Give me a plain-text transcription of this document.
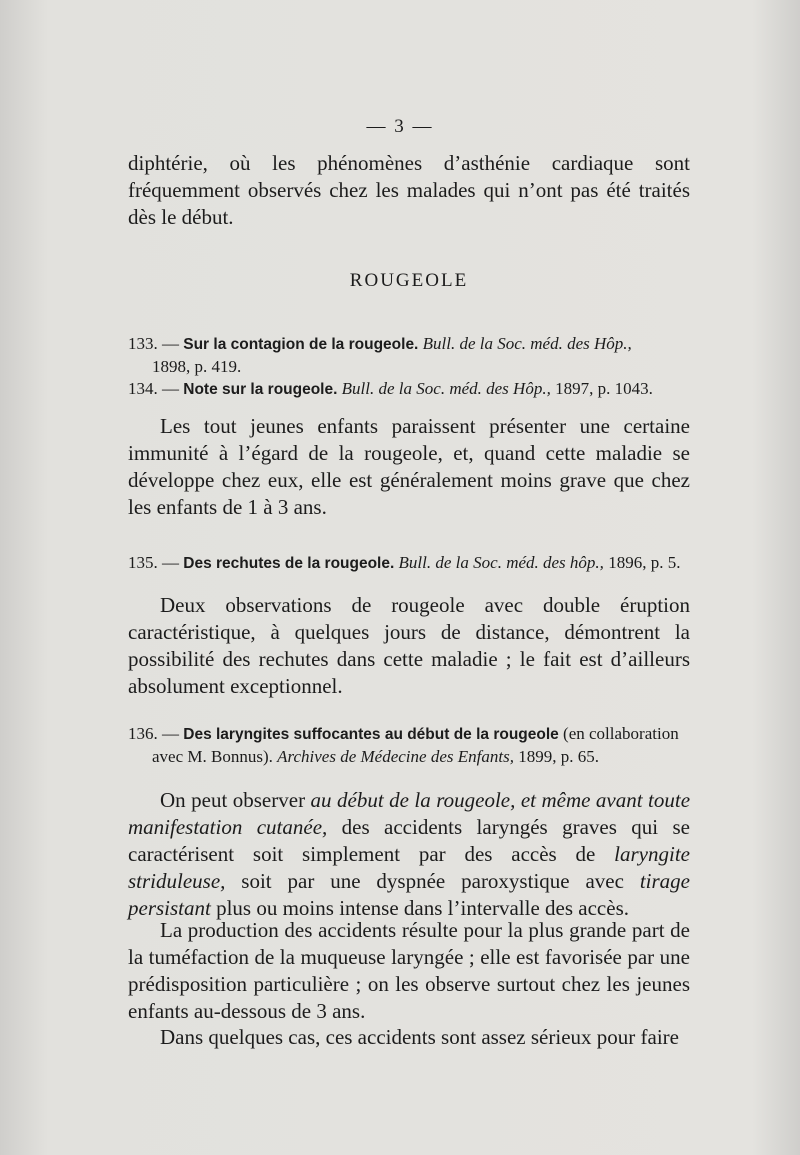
— 3 —

diphtérie, où les phénomènes d’asthénie cardiaque sont fréquemment observés chez les malades qui n’ont pas été traités dès le début.

ROUGEOLE

133. — Sur la contagion de la rougeole. Bull. de la Soc. méd. des Hôp.,

1898, p. 419.

134. — Note sur la rougeole. Bull. de la Soc. méd. des Hôp., 1897, p. 1043.

Les tout jeunes enfants paraissent présenter une certaine immunité à l’égard de la rougeole, et, quand cette maladie se développe chez eux, elle est généralement moins grave que chez les enfants de 1 à 3 ans.

135. — Des rechutes de la rougeole. Bull. de la Soc. méd. des hôp., 1896, p. 5.

Deux observations de rougeole avec double éruption caractéristique, à quelques jours de distance, démontrent la possibilité des rechutes dans cette maladie ; le fait est d’ailleurs absolument exceptionnel.

136. — Des laryngites suffocantes au début de la rougeole (en collaboration

avec M. Bonnus). Archives de Médecine des Enfants, 1899, p. 65.

On peut observer au début de la rougeole, et même avant toute manifestation cutanée, des accidents laryngés graves qui se caractérisent soit simplement par des accès de laryngite striduleuse, soit par une dyspnée paroxystique avec tirage persistant plus ou moins intense dans l’intervalle des accès.

La production des accidents résulte pour la plus grande part de la tuméfaction de la muqueuse laryngée ; elle est favorisée par une prédisposition particulière ; on les observe surtout chez les jeunes enfants au-dessous de 3 ans.

Dans quelques cas, ces accidents sont assez sérieux pour faire
